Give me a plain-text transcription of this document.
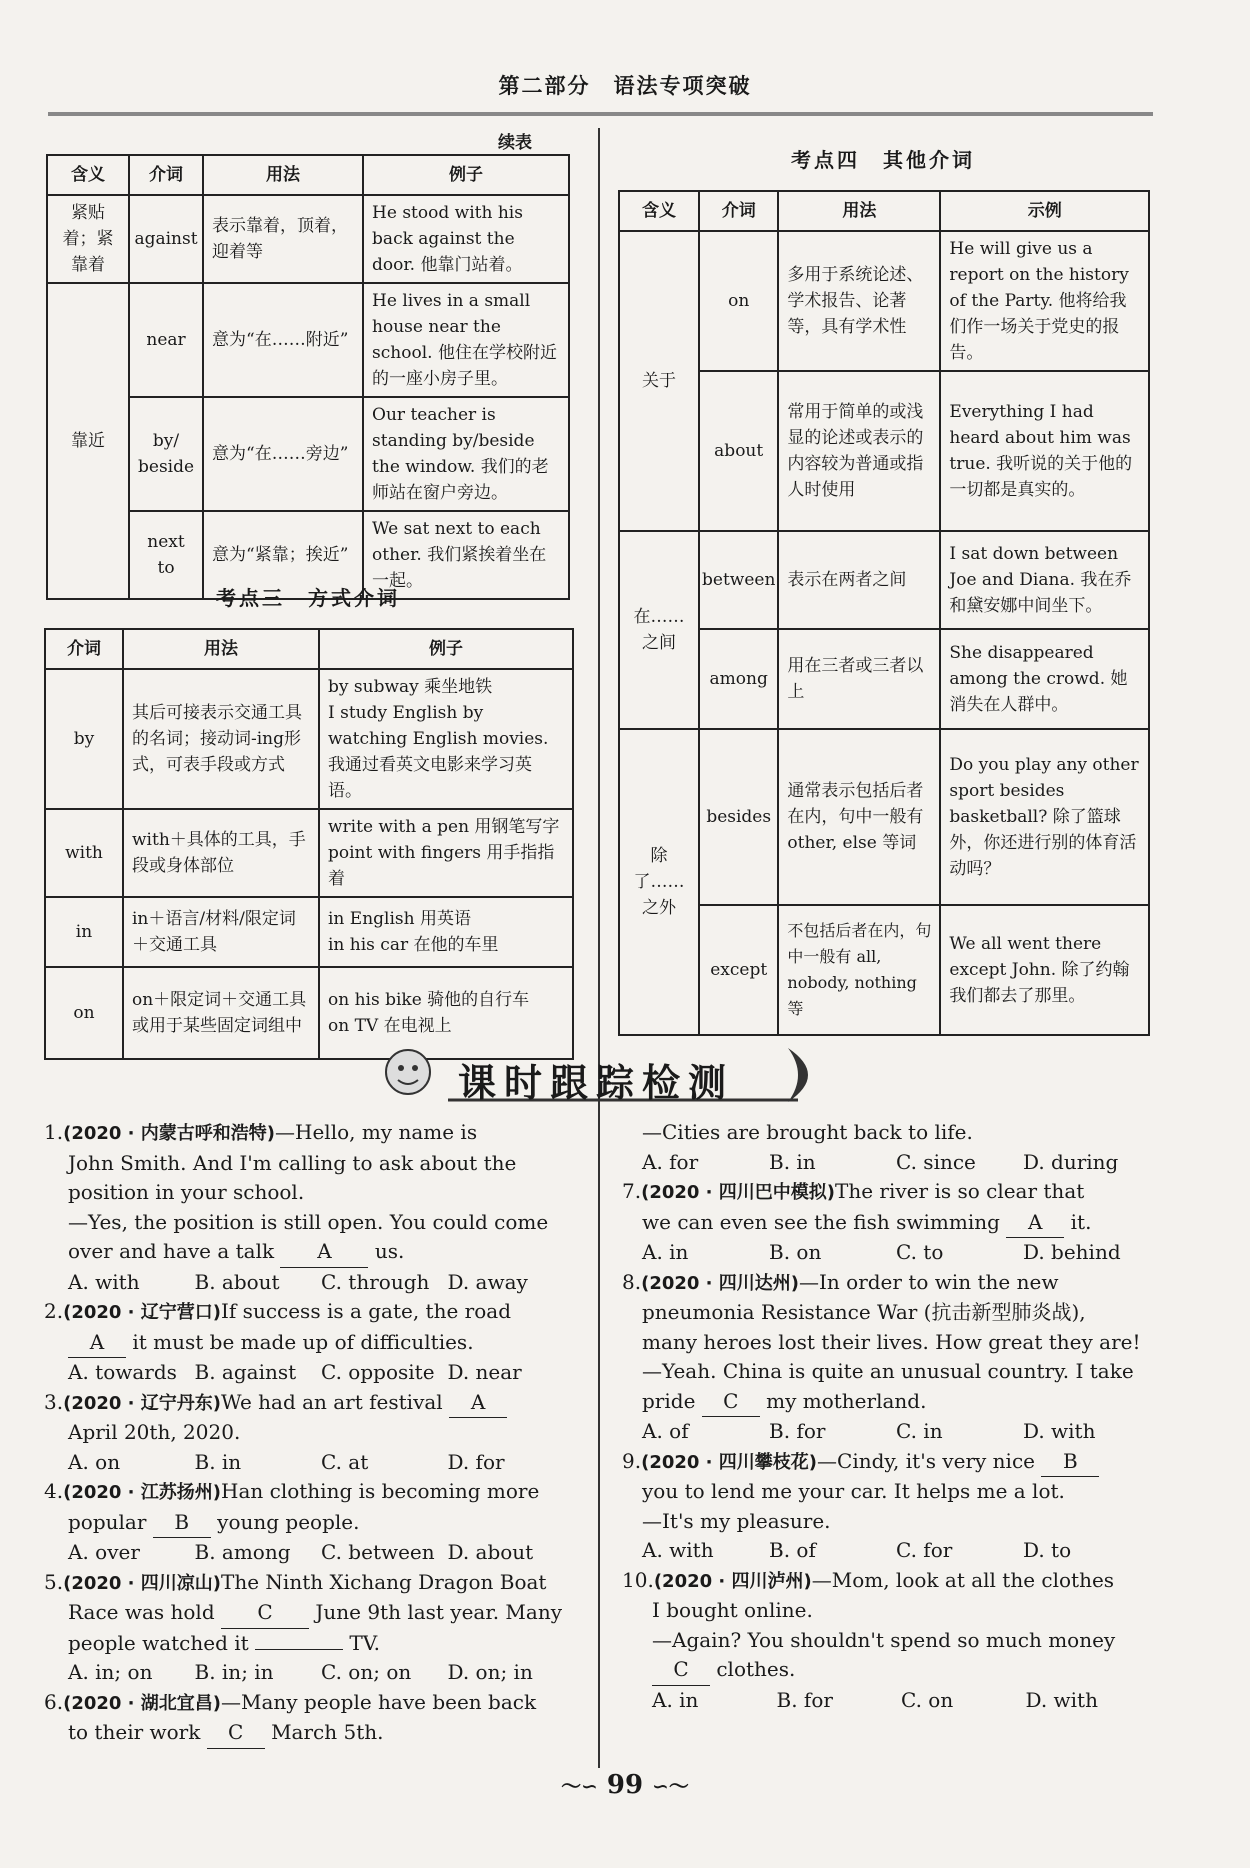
第二部分　语法专项突破
续表
含义	介词	用法	例子
紧贴着；紧靠着	against	表示靠着，顶着，迎着等	He stood with his back against the door. 他靠门站着。
靠近	near	意为“在……附近”	He lives in a small house near the school. 他住在学校附近的一座小房子里。
	by/ beside	意为“在……旁边”	Our teacher is standing by/beside the window. 我们的老师站在窗户旁边。
	next to	意为“紧靠；挨近”	We sat next to each other. 我们紧挨着坐在一起。
考点三　方式介词
介词	用法	例子
by	其后可接表示交通工具的名词；接动词-ing形式，可表手段或方式	by subway 乘坐地铁
I study English by watching English movies. 我通过看英文电影来学习英语。

with	with＋具体的工具，手段或身体部位	write with a pen 用钢笔写字
point with fingers 用手指指着

in	in＋语言/材料/限定词＋交通工具	in English 用英语
in his car 在他的车里

on	on＋限定词＋交通工具或用于某些固定词组中	on his bike 骑他的自行车
on TV 在电视上
考点四　其他介词
含义	介词	用法	示例
关于	on	多用于系统论述、学术报告、论著等，具有学术性	He will give us a report on the history of the Party. 他将给我们作一场关于党史的报告。
	about	常用于简单的或浅显的论述或表示的内容较为普通或指人时使用	Everything I had heard about him was true. 我听说的关于他的一切都是真实的。
在……之间	between	表示在两者之间	I sat down between Joe and Diana. 我在乔和黛安娜中间坐下。
	among	用在三者或三者以上	She disappeared among the crowd. 她消失在人群中。
除了……之外	besides	通常表示包括后者在内，句中一般有other, else 等词	Do you play any other sport besides basketball? 除了篮球外，你还进行别的体育活动吗？
	except	不包括后者在内，句中一般有 all, nobody, nothing 等	We all went there except John. 除了约翰我们都去了那里。
课时跟踪检测
1.(2020 · 内蒙古呼和浩特)—Hello, my name is
John Smith. And I'm calling to ask about the
position in your school.
—Yes, the position is still open. You could come
over and have a talk A us.
A. with	B. about	C. through D. away
2.(2020 · 辽宁营口)If success is a gate, the road
A it must be made up of difficulties.
A. towards B. against	C. opposite D. near
3.(2020 · 辽宁丹东)We had an art festival A
April 20th, 2020.
A. on	B. in	C. at	D. for
4.(2020 · 江苏扬州)Han clothing is becoming more
popular B young people.
A. over	B. among	C. between D. about
5.(2020 · 四川凉山)The Ninth Xichang Dragon Boat
Race was hold C June 9th last year. Many
people watched it	TV.
A. in; on	B. in; in	C. on; on	D. on; in
6.(2020 · 湖北宜昌)—Many people have been back
to their work C March 5th.
—Cities are brought back to life.
A. for	B. in	C. since	D. during
7.(2020 · 四川巴中模拟)The river is so clear that
we can even see the fish swimming A it.
A. in	B. on	C. to	D. behind
8.(2020 · 四川达州)—In order to win the new
pneumonia Resistance War (抗击新型肺炎战),
many heroes lost their lives. How great they are!
—Yeah. China is quite an unusual country. I take
pride C my motherland.
A. of	B. for	C. in	D. with
9.(2020 · 四川攀枝花)—Cindy, it's very nice B
you to lend me your car. It helps me a lot.
—It's my pleasure.
A. with	B. of	C. for	D. to
10.(2020 · 四川泸州)—Mom, look at all the clothes
I bought online.
—Again? You shouldn't spend so much money
C clothes.
A. in	B. for	C. on	D. with
〜∽ 99 ∽〜
